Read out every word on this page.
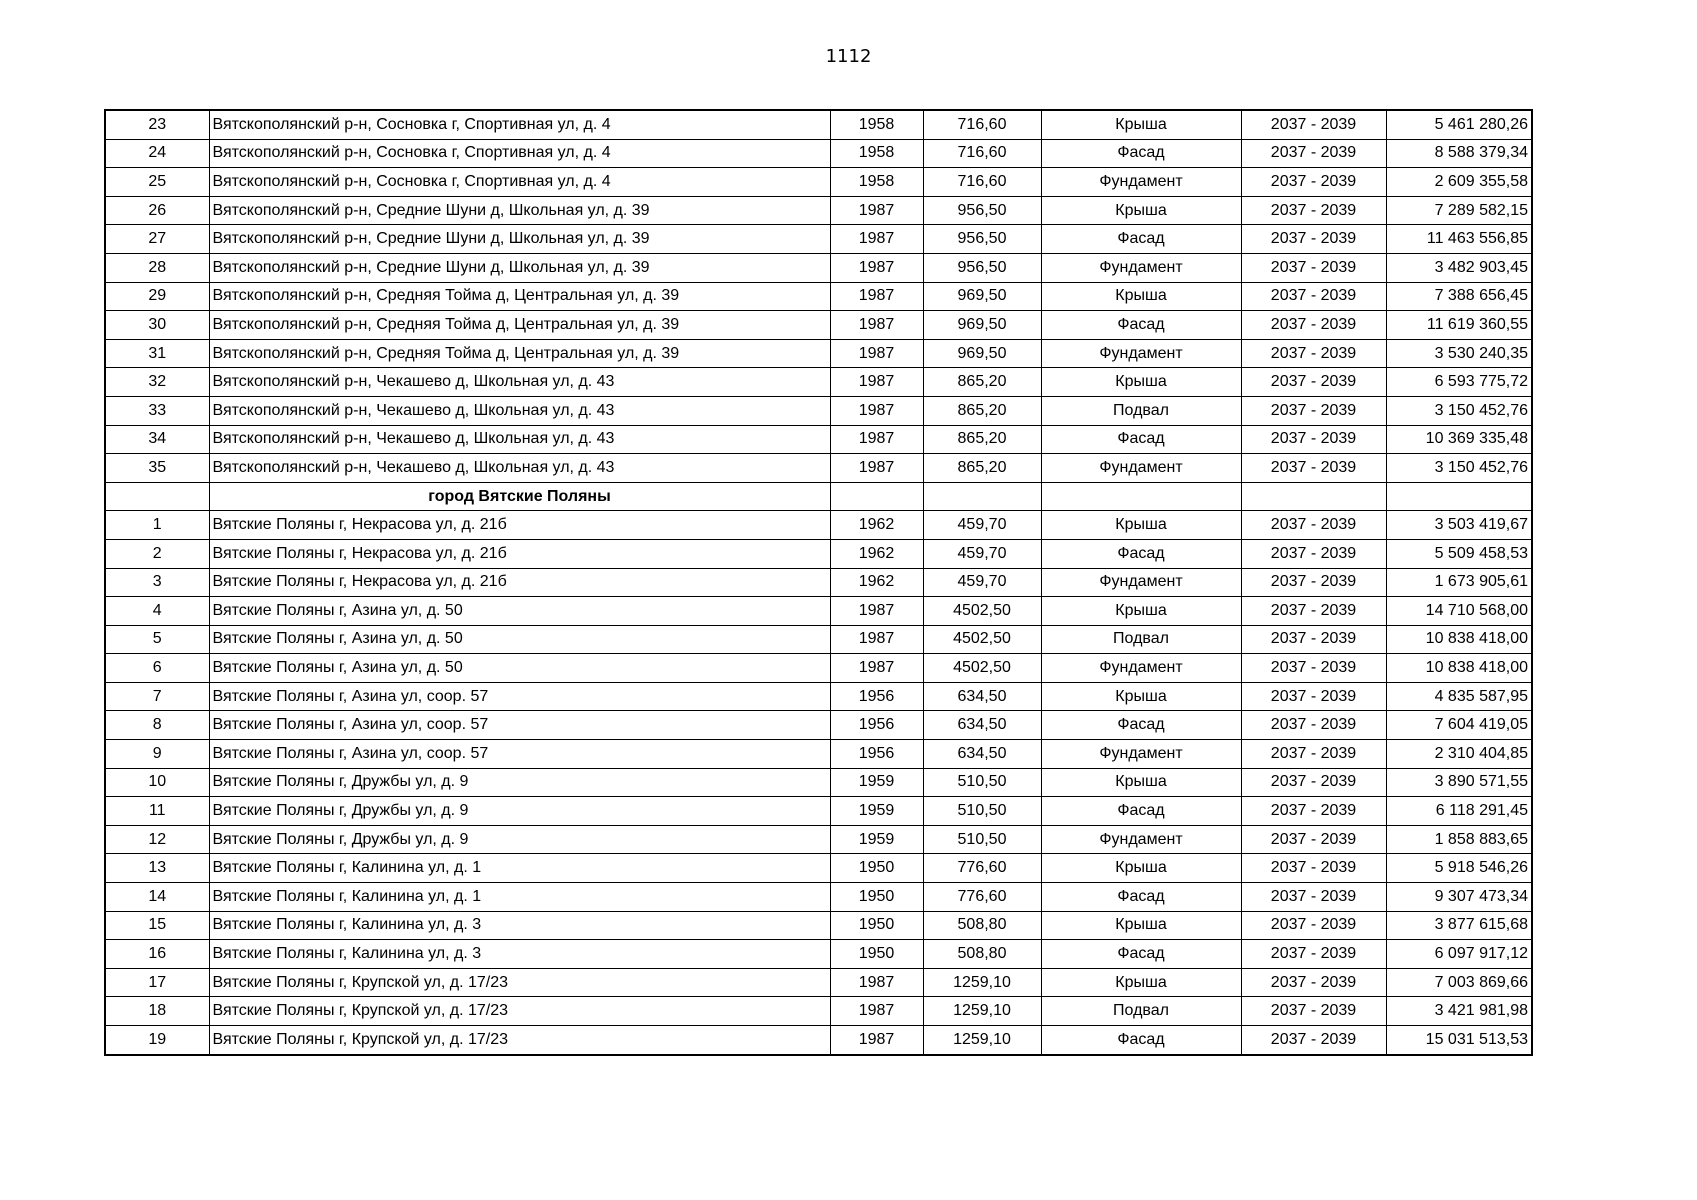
1112
23	Вятскополянский р-н, Сосновка г, Спортивная ул, д. 4	1958	716,60	Крыша	2037 - 2039	5 461 280,26
24	Вятскополянский р-н, Сосновка г, Спортивная ул, д. 4	1958	716,60	Фасад	2037 - 2039	8 588 379,34
25	Вятскополянский р-н, Сосновка г, Спортивная ул, д. 4	1958	716,60	Фундамент	2037 - 2039	2 609 355,58
26	Вятскополянский р-н, Средние Шуни д, Школьная ул, д. 39	1987	956,50	Крыша	2037 - 2039	7 289 582,15
27	Вятскополянский р-н, Средние Шуни д, Школьная ул, д. 39	1987	956,50	Фасад	2037 - 2039	11 463 556,85
28	Вятскополянский р-н, Средние Шуни д, Школьная ул, д. 39	1987	956,50	Фундамент	2037 - 2039	3 482 903,45
29	Вятскополянский р-н, Средняя Тойма д, Центральная ул, д. 39	1987	969,50	Крыша	2037 - 2039	7 388 656,45
30	Вятскополянский р-н, Средняя Тойма д, Центральная ул, д. 39	1987	969,50	Фасад	2037 - 2039	11 619 360,55
31	Вятскополянский р-н, Средняя Тойма д, Центральная ул, д. 39	1987	969,50	Фундамент	2037 - 2039	3 530 240,35
32	Вятскополянский р-н, Чекашево д, Школьная ул, д. 43	1987	865,20	Крыша	2037 - 2039	6 593 775,72
33	Вятскополянский р-н, Чекашево д, Школьная ул, д. 43	1987	865,20	Подвал	2037 - 2039	3 150 452,76
34	Вятскополянский р-н, Чекашево д, Школьная ул, д. 43	1987	865,20	Фасад	2037 - 2039	10 369 335,48
35	Вятскополянский р-н, Чекашево д, Школьная ул, д. 43	1987	865,20	Фундамент	2037 - 2039	3 150 452,76
	город Вятские Поляны					
1	Вятские Поляны г, Некрасова ул, д. 21б	1962	459,70	Крыша	2037 - 2039	3 503 419,67
2	Вятские Поляны г, Некрасова ул, д. 21б	1962	459,70	Фасад	2037 - 2039	5 509 458,53
3	Вятские Поляны г, Некрасова ул, д. 21б	1962	459,70	Фундамент	2037 - 2039	1 673 905,61
4	Вятские Поляны г, Азина ул, д. 50	1987	4502,50	Крыша	2037 - 2039	14 710 568,00
5	Вятские Поляны г, Азина ул, д. 50	1987	4502,50	Подвал	2037 - 2039	10 838 418,00
6	Вятские Поляны г, Азина ул, д. 50	1987	4502,50	Фундамент	2037 - 2039	10 838 418,00
7	Вятские Поляны г, Азина ул, соор. 57	1956	634,50	Крыша	2037 - 2039	4 835 587,95
8	Вятские Поляны г, Азина ул, соор. 57	1956	634,50	Фасад	2037 - 2039	7 604 419,05
9	Вятские Поляны г, Азина ул, соор. 57	1956	634,50	Фундамент	2037 - 2039	2 310 404,85
10	Вятские Поляны г, Дружбы ул, д. 9	1959	510,50	Крыша	2037 - 2039	3 890 571,55
11	Вятские Поляны г, Дружбы ул, д. 9	1959	510,50	Фасад	2037 - 2039	6 118 291,45
12	Вятские Поляны г, Дружбы ул, д. 9	1959	510,50	Фундамент	2037 - 2039	1 858 883,65
13	Вятские Поляны г, Калинина ул, д. 1	1950	776,60	Крыша	2037 - 2039	5 918 546,26
14	Вятские Поляны г, Калинина ул, д. 1	1950	776,60	Фасад	2037 - 2039	9 307 473,34
15	Вятские Поляны г, Калинина ул, д. 3	1950	508,80	Крыша	2037 - 2039	3 877 615,68
16	Вятские Поляны г, Калинина ул, д. 3	1950	508,80	Фасад	2037 - 2039	6 097 917,12
17	Вятские Поляны г, Крупской ул, д. 17/23	1987	1259,10	Крыша	2037 - 2039	7 003 869,66
18	Вятские Поляны г, Крупской ул, д. 17/23	1987	1259,10	Подвал	2037 - 2039	3 421 981,98
19	Вятские Поляны г, Крупской ул, д. 17/23	1987	1259,10	Фасад	2037 - 2039	15 031 513,53
